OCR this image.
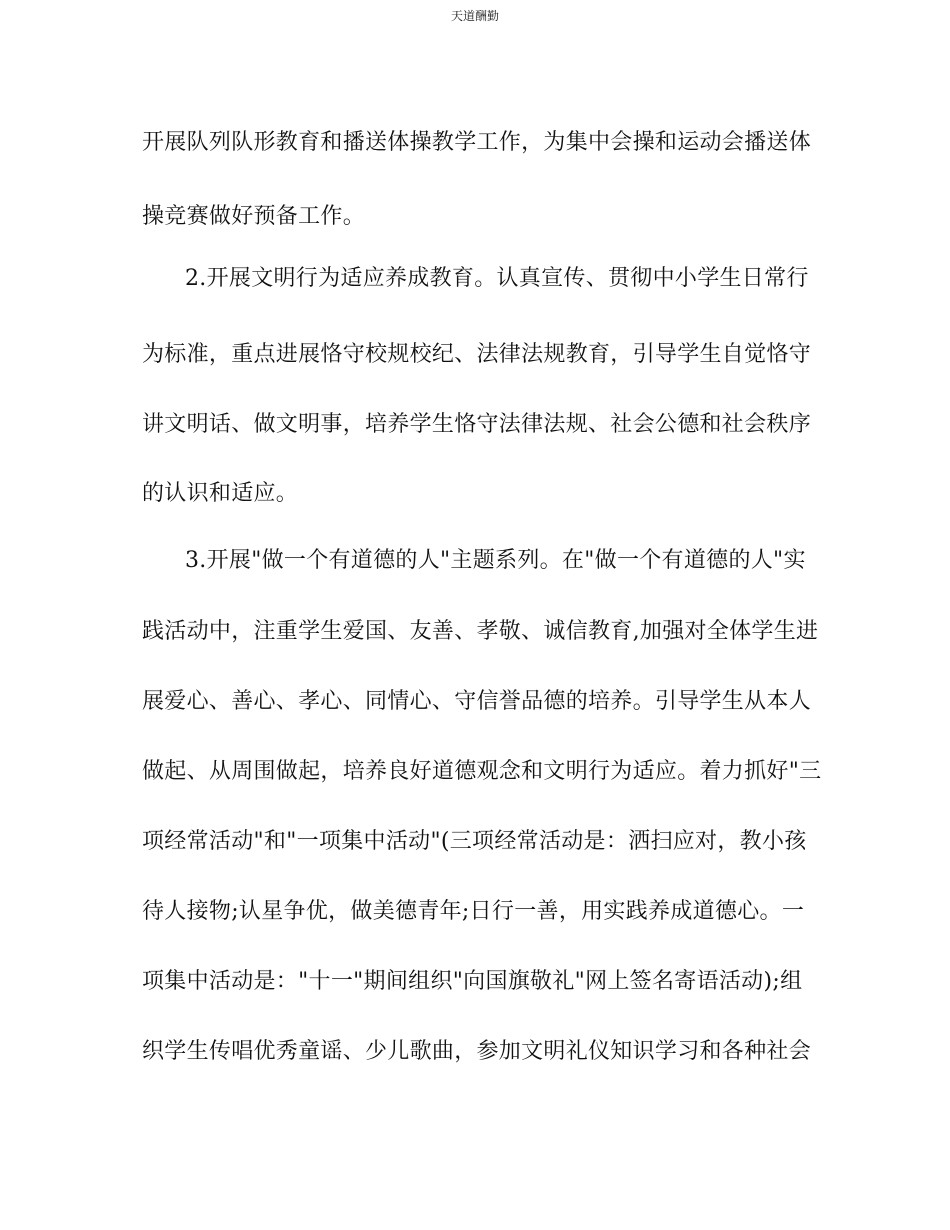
天道酬勤
开展队列队形教育和播送体操教学工作，为集中会操和运动会播送体
操竞赛做好预备工作。
2.开展文明行为适应养成教育。认真宣传、贯彻中小学生日常行
为标准，重点进展恪守校规校纪、法律法规教育，引导学生自觉恪守
讲文明话、做文明事，培养学生恪守法律法规、社会公德和社会秩序
的认识和适应。
3.开展"做一个有道德的人"主题系列。在"做一个有道德的人"实
践活动中，注重学生爱国、友善、孝敬、诚信教育,加强对全体学生进
展爱心、善心、孝心、同情心、守信誉品德的培养。引导学生从本人
做起、从周围做起，培养良好道德观念和文明行为适应。着力抓好"三
项经常活动"和"一项集中活动"(三项经常活动是：洒扫应对，教小孩
待人接物;认星争优，做美德青年;日行一善，用实践养成道德心。一
项集中活动是："十一"期间组织"向国旗敬礼"网上签名寄语活动);组
织学生传唱优秀童谣、少儿歌曲，参加文明礼仪知识学习和各种社会
